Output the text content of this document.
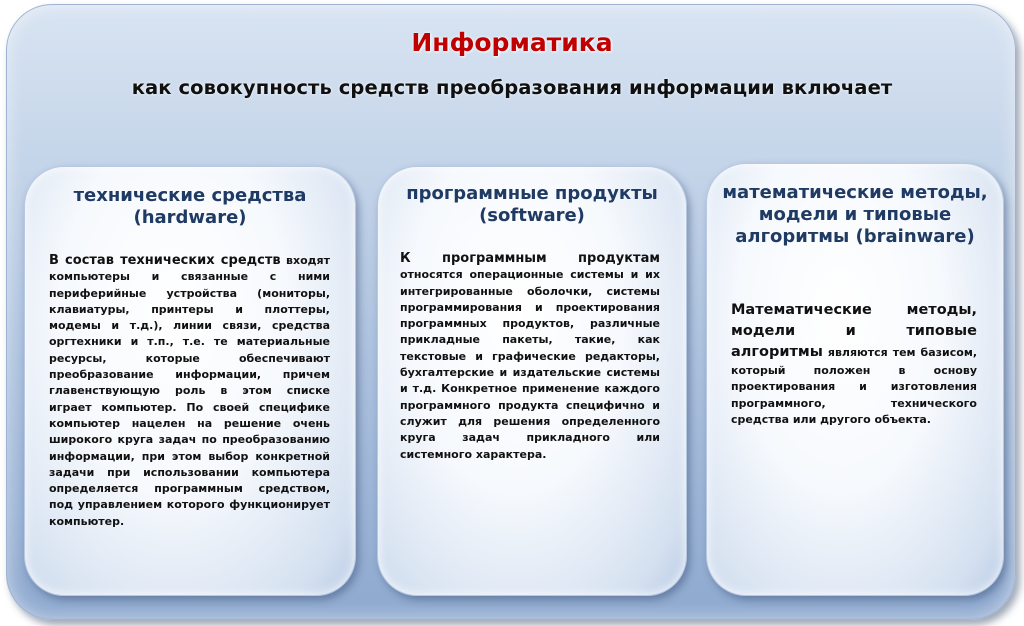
Информатика
как совокупность средств преобразования информации включает
технические средства (hardware)
В состав технических средств входят компьютеры и связанные с ними периферийные устройства (мониторы, клавиатуры, принтеры и плоттеры, модемы и т.д.), линии связи, средства оргтехники и т.п., т.е. те материальные ресурсы, которые обеспечивают преобразование информации, причем главенствующую роль в этом списке играет компьютер. По своей специфике компьютер нацелен на решение очень широкого круга задач по преобразованию информации, при этом выбор конкретной задачи при использовании компьютера определяется программным средством, под управлением которого функционирует компьютер.
программные продукты (software)
К программным продуктам относятся операционные системы и их интегрированные оболочки, системы программирования и проектирования программных продуктов, различные прикладные пакеты, такие, как текстовые и графические редакторы, бухгалтерские и издательские системы и т.д. Конкретное применение каждого программного продукта специфично и служит для решения определенного круга задач прикладного или системного характера.
математические методы, модели и типовые алгоритмы (brainware)
Математические методы, модели и типовые алгоритмы являются тем базисом, который положен в основу проектирования и изготовления программного, технического средства или другого объекта.
